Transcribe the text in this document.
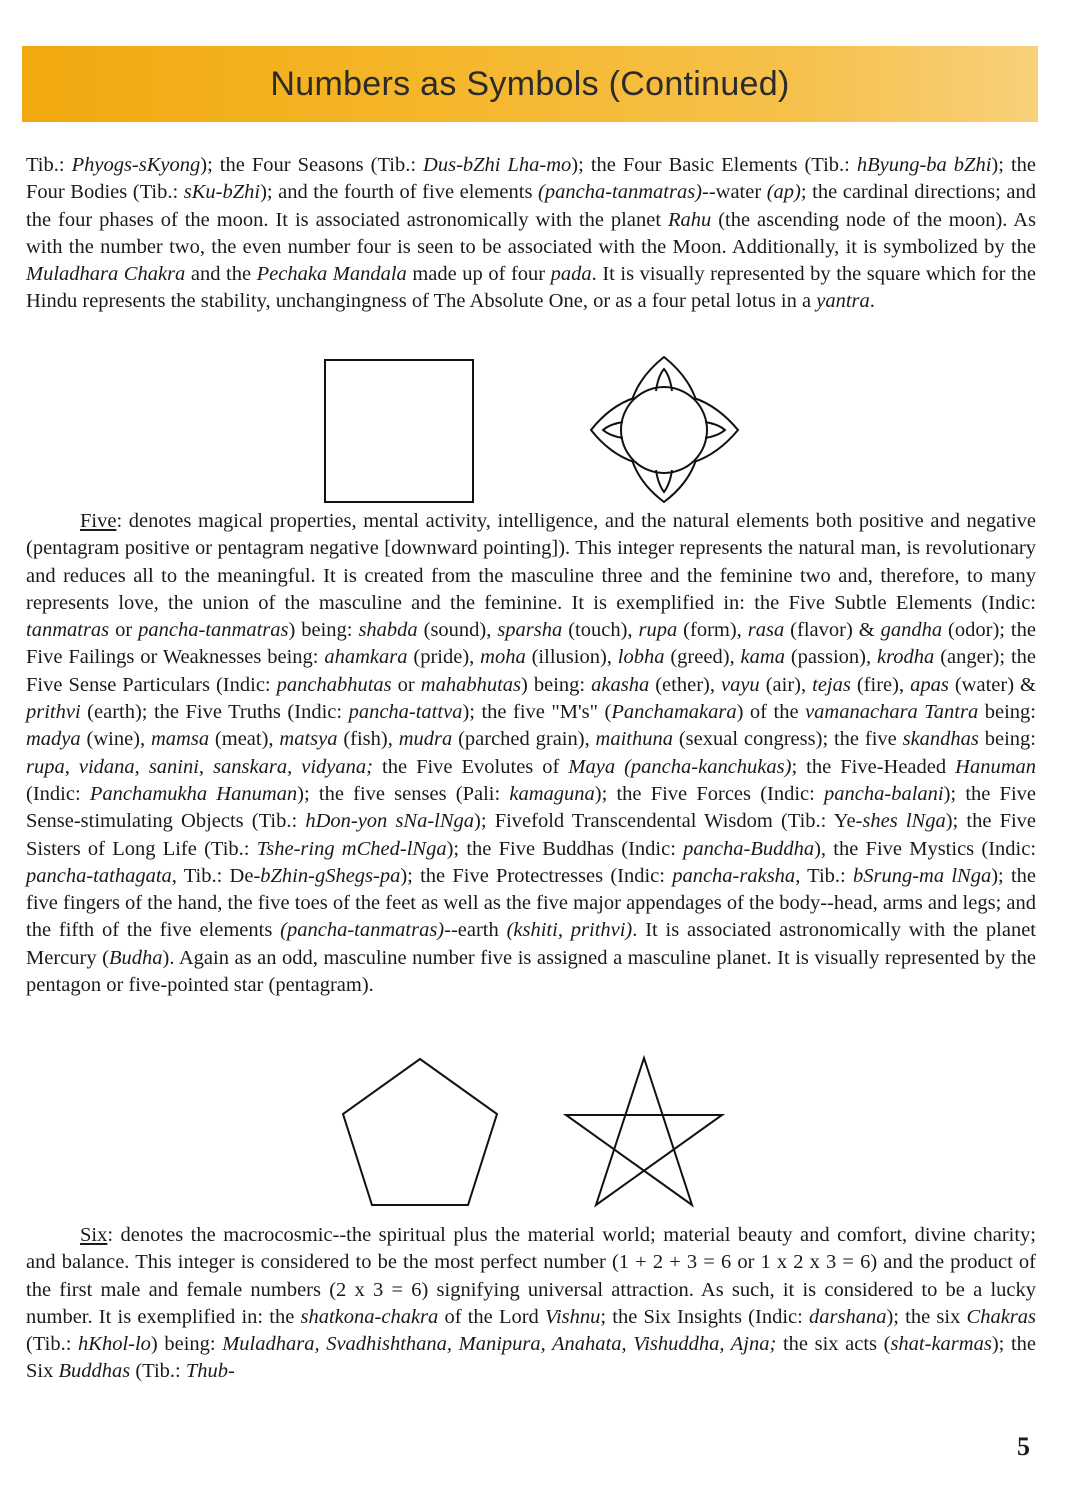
Numbers as Symbols (Continued)

Tib.: Phyogs-sKyong); the Four Seasons (Tib.: Dus-bZhi Lha-mo); the Four Basic Elements (Tib.: hByung-ba bZhi); the Four Bodies (Tib.: sKu-bZhi); and the fourth of five elements (pancha-tanmatras)--water (ap); the cardinal directions; and the four phases of the moon. It is associated astronomically with the planet Rahu (the ascending node of the moon). As with the number two, the even number four is seen to be associated with the Moon. Additionally, it is symbolized by the Muladhara Chakra and the Pechaka Mandala made up of four pada. It is visually represented by the square which for the Hindu represents the stability, unchangingness of The Absolute One, or as a four petal lotus in a yantra.

Five: denotes magical properties, mental activity, intelligence, and the natural elements both positive and negative (pentagram positive or pentagram negative [downward pointing]). This integer represents the natural man, is revolutionary and reduces all to the meaningful. It is created from the masculine three and the feminine two and, therefore, to many represents love, the union of the masculine and the feminine. It is exemplified in: the Five Subtle Elements (Indic: tanmatras or pancha-tanmatras) being: shabda (sound), sparsha (touch), rupa (form), rasa (flavor) & gandha (odor); the Five Failings or Weaknesses being: ahamkara (pride), moha (illusion), lobha (greed), kama (passion), krodha (anger); the Five Sense Particulars (Indic: panchabhutas or mahabhutas) being: akasha (ether), vayu (air), tejas (fire), apas (water) & prithvi (earth); the Five Truths (Indic: pancha-tattva); the five "M's" (Panchamakara) of the vamanachara Tantra being: madya (wine), mamsa (meat), matsya (fish), mudra (parched grain), maithuna (sexual congress); the five skandhas being: rupa, vidana, sanini, sanskara, vidyana; the Five Evolutes of Maya (pancha-kanchukas); the Five-Headed Hanuman (Indic: Panchamukha Hanuman); the five senses (Pali: kamaguna); the Five Forces (Indic: pancha-balani); the Five Sense-stimulating Objects (Tib.: hDon-yon sNa-lNga); Fivefold Transcendental Wisdom (Tib.: Ye-shes lNga); the Five Sisters of Long Life (Tib.: Tshe-ring mChed-lNga); the Five Buddhas (Indic: pancha-Buddha), the Five Mystics (Indic: pancha-tathagata, Tib.: De-bZhin-gShegs-pa); the Five Protectresses (Indic: pancha-raksha, Tib.: bSrung-ma lNga); the five fingers of the hand, the five toes of the feet as well as the five major appendages of the body--head, arms and legs; and the fifth of the five elements (pancha-tanmatras)--earth (kshiti, prithvi). It is associated astronomically with the planet Mercury (Budha). Again as an odd, masculine number five is assigned a masculine planet. It is visually represented by the pentagon or five-pointed star (pentagram).

Six: denotes the macrocosmic--the spiritual plus the material world; material beauty and comfort, divine charity; and balance. This integer is considered to be the most perfect number (1 + 2 + 3 = 6 or 1 x 2 x 3 = 6) and the product of the first male and female numbers (2 x 3 = 6) signifying universal attraction. As such, it is considered to be a lucky number. It is exemplified in: the shatkona-chakra of the Lord Vishnu; the Six Insights (Indic: darshana); the six Chakras (Tib.: hKhol-lo) being: Muladhara, Svadhishthana, Manipura, Anahata, Vishuddha, Ajna; the six acts (shat-karmas); the Six Buddhas (Tib.: Thub-

5
